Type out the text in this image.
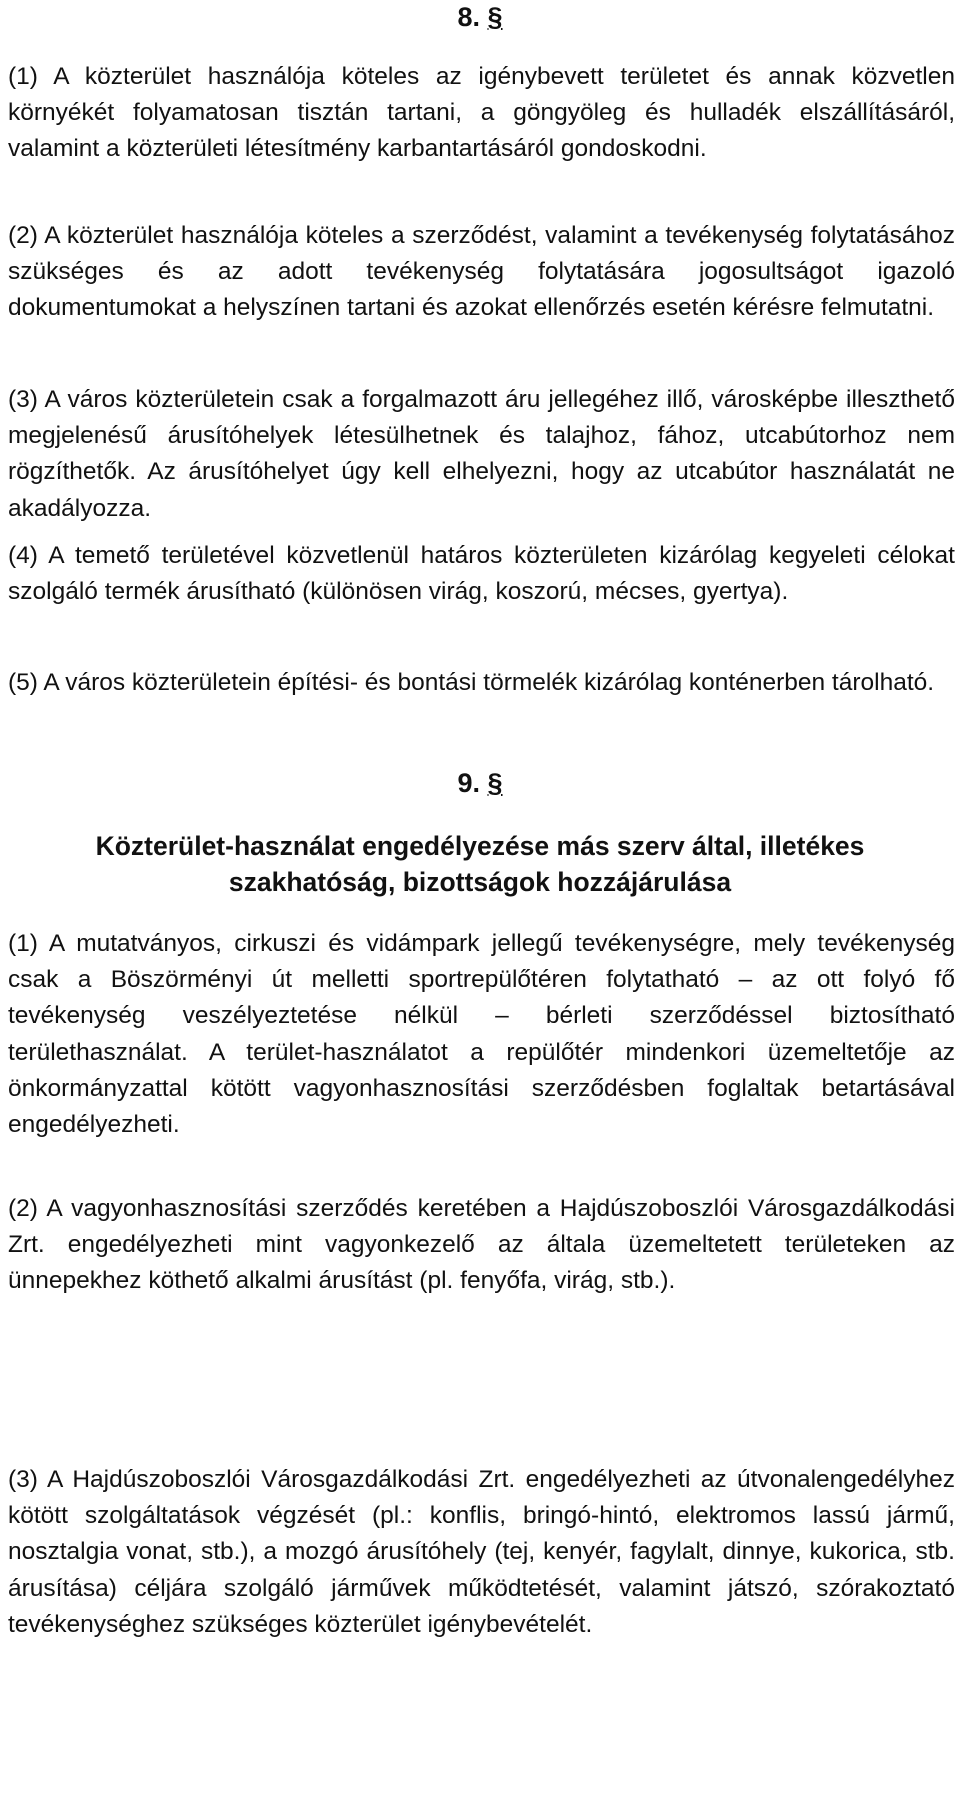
8. §
(1) A közterület használója köteles az igénybevett területet és annak közvetlen környékét folyamatosan tisztán tartani, a göngyöleg és hulladék elszállításáról, valamint a közterületi létesítmény karbantartásáról gondoskodni.
(2) A közterület használója köteles a szerződést, valamint a tevékenység folytatásához szükséges és az adott tevékenység folytatására jogosultságot igazoló dokumentumokat a helyszínen tartani és azokat ellenőrzés esetén kérésre felmutatni.
(3) A város közterületein csak a forgalmazott áru jellegéhez illő, városképbe illeszthető megjelenésű árusítóhelyek létesülhetnek és talajhoz, fához, utcabútorhoz nem rögzíthetők. Az árusítóhelyet úgy kell elhelyezni, hogy az utcabútor használatát ne akadályozza.
(4) A temető területével közvetlenül határos közterületen kizárólag kegyeleti célokat szolgáló termék árusítható (különösen virág, koszorú, mécses, gyertya).
(5) A város közterületein építési- és bontási törmelék kizárólag konténerben tárolható.
9. §
Közterület-használat engedélyezése más szerv által, illetékes szakhatóság, bizottságok hozzájárulása
(1) A mutatványos, cirkuszi és vidámpark jellegű tevékenységre, mely tevékenység csak a Böszörményi út melletti sportrepülőtéren folytatható – az ott folyó fő tevékenység veszélyeztetése nélkül – bérleti szerződéssel biztosítható területhasználat. A terület-használatot a repülőtér mindenkori üzemeltetője az önkormányzattal kötött vagyonhasznosítási szerződésben foglaltak betartásával engedélyezheti.
(2) A vagyonhasznosítási szerződés keretében a Hajdúszoboszlói Városgazdálkodási Zrt. engedélyezheti mint vagyonkezelő az általa üzemeltetett területeken az ünnepekhez köthető alkalmi árusítást (pl. fenyőfa, virág, stb.).
(3) A Hajdúszoboszlói Városgazdálkodási Zrt. engedélyezheti az útvonalengedélyhez kötött szolgáltatások végzését (pl.: konflis, bringó-hintó, elektromos lassú jármű, nosztalgia vonat, stb.), a mozgó árusítóhely (tej, kenyér, fagylalt, dinnye, kukorica, stb. árusítása) céljára szolgáló járművek működtetését, valamint játszó, szórakoztató tevékenységhez szükséges közterület igénybevételét.
